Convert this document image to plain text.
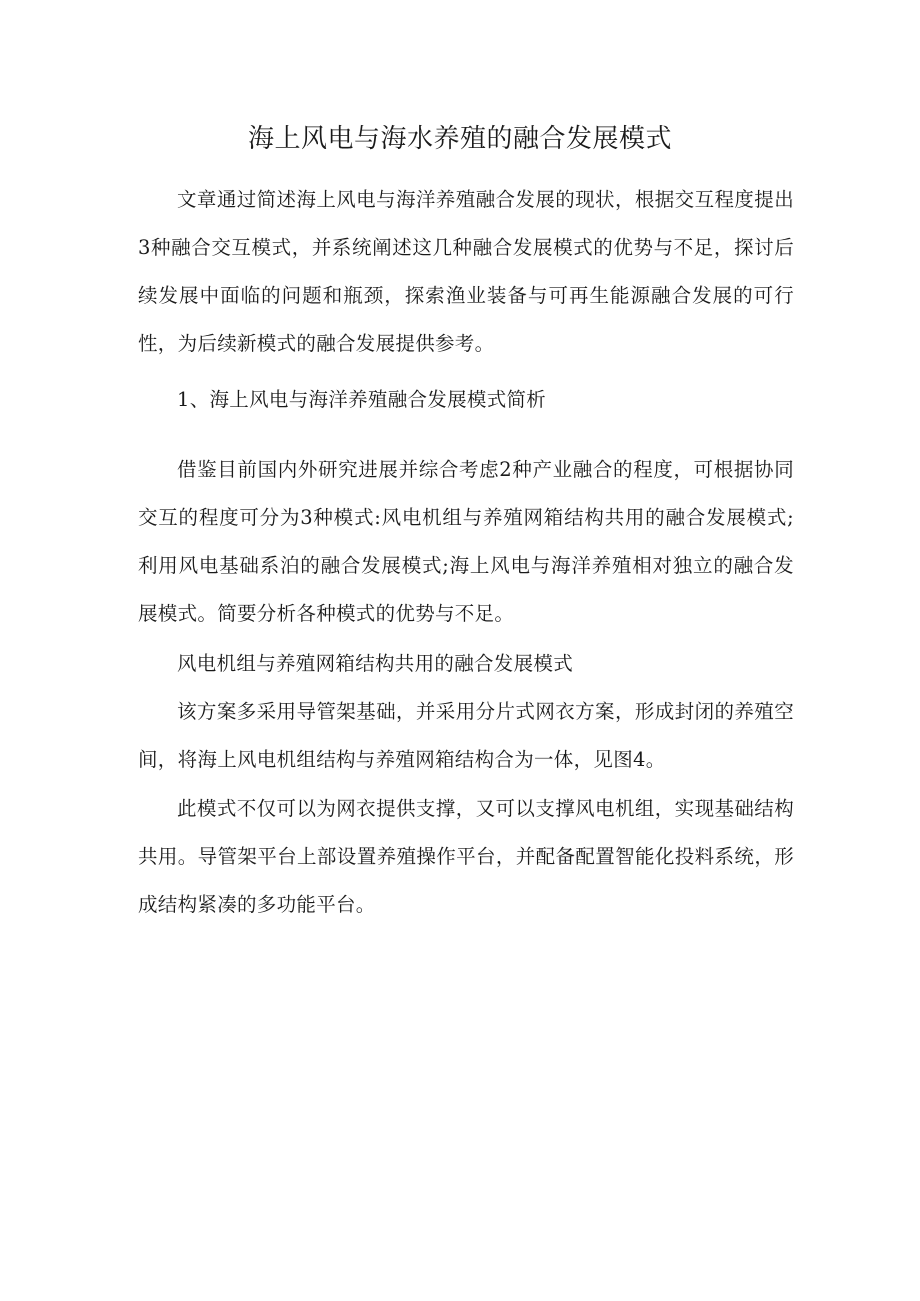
海上风电与海水养殖的融合发展模式

文章通过简述海上风电与海洋养殖融合发展的现状，根据交互程度提出3种融合交互模式，并系统阐述这几种融合发展模式的优势与不足，探讨后续发展中面临的问题和瓶颈，探索渔业装备与可再生能源融合发展的可行性，为后续新模式的融合发展提供参考。

1、海上风电与海洋养殖融合发展模式简析

借鉴目前国内外研究进展并综合考虑2种产业融合的程度，可根据协同交互的程度可分为3种模式:风电机组与养殖网箱结构共用的融合发展模式;利用风电基础系泊的融合发展模式;海上风电与海洋养殖相对独立的融合发展模式。简要分析各种模式的优势与不足。

风电机组与养殖网箱结构共用的融合发展模式

该方案多采用导管架基础，并采用分片式网衣方案，形成封闭的养殖空间，将海上风电机组结构与养殖网箱结构合为一体，见图4。

此模式不仅可以为网衣提供支撑，又可以支撑风电机组，实现基础结构共用。导管架平台上部设置养殖操作平台，并配备配置智能化投料系统，形成结构紧凑的多功能平台。
